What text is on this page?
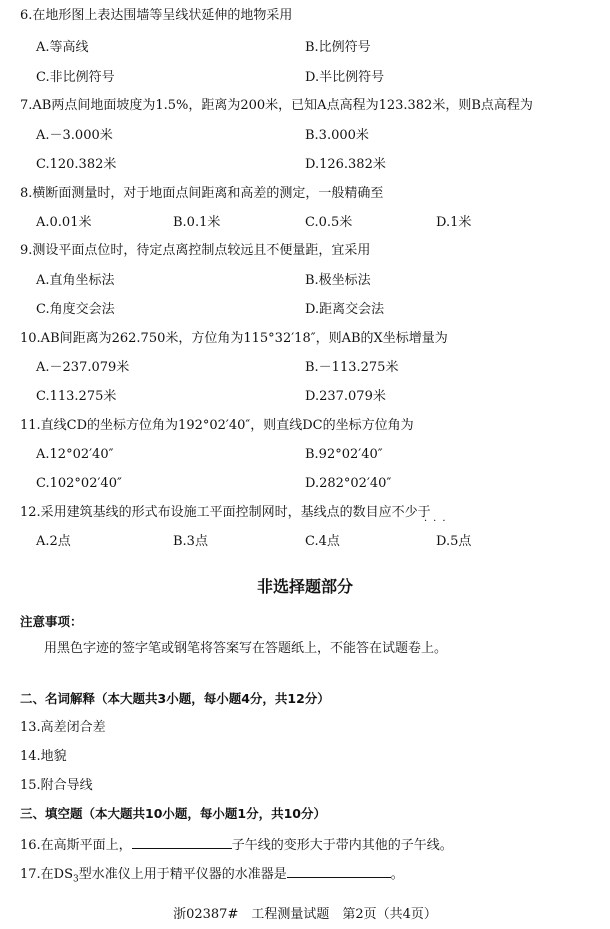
6.在地形图上表达围墙等呈线状延伸的地物采用
A.等高线	B.比例符号
C.非比例符号	D.半比例符号
7.AB两点间地面坡度为1.5%，距离为200米，已知A点高程为123.382米，则B点高程为
A.－3.000米	B.3.000米
C.120.382米	D.126.382米
8.横断面测量时，对于地面点间距离和高差的测定，一般精确至
A.0.01米	B.0.1米	C.0.5米	D.1米
9.测设平面点位时，待定点离控制点较远且不便量距，宜采用
A.直角坐标法	B.极坐标法
C.角度交会法	D.距离交会法
10.AB间距离为262.750米，方位角为115°32′18″，则AB的X坐标增量为
A.－237.079米	B.－113.275米
C.113.275米	D.237.079米
11.直线CD的坐标方位角为192°02′40″，则直线DC的坐标方位角为
A.12°02′40″	B.92°02′40″
C.102°02′40″	D.282°02′40″
12.采用建筑基线的形式布设施工平面控制网时，基线点的数目应不少于
···
A.2点	B.3点	C.4点	D.5点
非选择题部分
注意事项：
用黑色字迹的签字笔或钢笔将答案写在答题纸上，不能答在试题卷上。
二、名词解释（本大题共3小题，每小题4分，共12分）
13.高差闭合差
14.地貌
15.附合导线
三、填空题（本大题共10小题，每小题1分，共10分）
16.在高斯平面上，	子午线的变形大于带内其他的子午线。
17.在$DS_3$型水准仪上用于精平仪器的水准器是	。
浙02387#　工程测量试题　第2页（共4页）
